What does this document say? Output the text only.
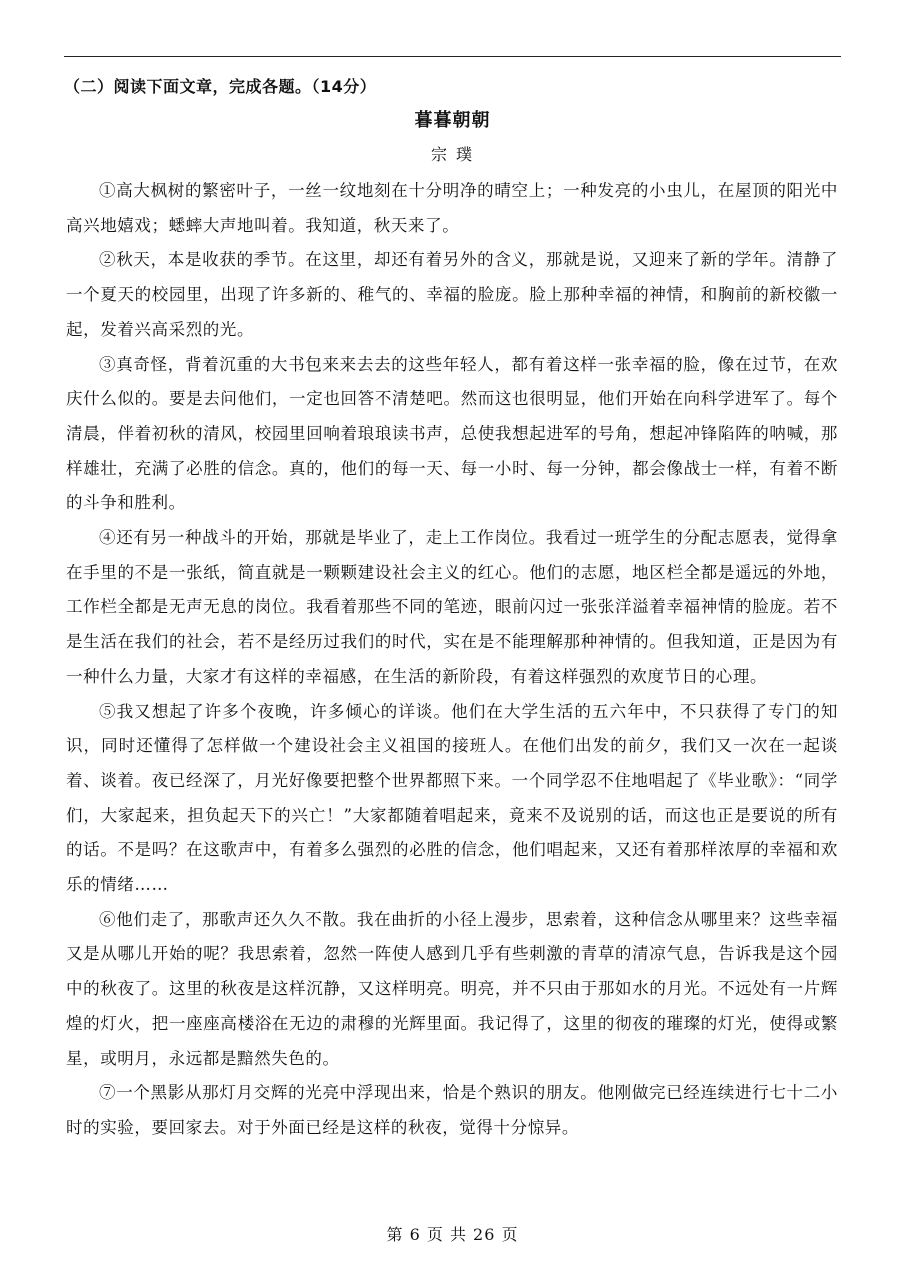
（二）阅读下面文章，完成各题。（14分）
暮暮朝朝
宗 璞

①高大枫树的繁密叶子，一丝一纹地刻在十分明净的晴空上；一种发亮的小虫儿，在屋顶的阳光中高兴地嬉戏；蟋蟀大声地叫着。我知道，秋天来了。

②秋天，本是收获的季节。在这里，却还有着另外的含义，那就是说，又迎来了新的学年。清静了一个夏天的校园里，出现了许多新的、稚气的、幸福的脸庞。脸上那种幸福的神情，和胸前的新校徽一起，发着兴高采烈的光。

③真奇怪，背着沉重的大书包来来去去的这些年轻人，都有着这样一张幸福的脸，像在过节，在欢庆什么似的。要是去问他们，一定也回答不清楚吧。然而这也很明显，他们开始在向科学进军了。每个清晨，伴着初秋的清风，校园里回响着琅琅读书声，总使我想起进军的号角，想起冲锋陷阵的呐喊，那样雄壮，充满了必胜的信念。真的，他们的每一天、每一小时、每一分钟，都会像战士一样，有着不断的斗争和胜利。

④还有另一种战斗的开始，那就是毕业了，走上工作岗位。我看过一班学生的分配志愿表，觉得拿在手里的不是一张纸，简直就是一颗颗建设社会主义的红心。他们的志愿，地区栏全都是遥远的外地，工作栏全都是无声无息的岗位。我看着那些不同的笔迹，眼前闪过一张张洋溢着幸福神情的脸庞。若不是生活在我们的社会，若不是经历过我们的时代，实在是不能理解那种神情的。但我知道，正是因为有一种什么力量，大家才有这样的幸福感，在生活的新阶段，有着这样强烈的欢度节日的心理。

⑤我又想起了许多个夜晚，许多倾心的详谈。他们在大学生活的五六年中，不只获得了专门的知识，同时还懂得了怎样做一个建设社会主义祖国的接班人。在他们出发的前夕，我们又一次在一起谈着、谈着。夜已经深了，月光好像要把整个世界都照下来。一个同学忍不住地唱起了《毕业歌》：“同学们，大家起来，担负起天下的兴亡！”大家都随着唱起来，竟来不及说别的话，而这也正是要说的所有的话。不是吗？在这歌声中，有着多么强烈的必胜的信念，他们唱起来，又还有着那样浓厚的幸福和欢乐的情绪……

⑥他们走了，那歌声还久久不散。我在曲折的小径上漫步，思索着，这种信念从哪里来？这些幸福又是从哪儿开始的呢？我思索着，忽然一阵使人感到几乎有些刺激的青草的清凉气息，告诉我是这个园中的秋夜了。这里的秋夜是这样沉静，又这样明亮。明亮，并不只由于那如水的月光。不远处有一片辉煌的灯火，把一座座高楼浴在无边的肃穆的光辉里面。我记得了，这里的彻夜的璀璨的灯光，使得或繁星，或明月，永远都是黯然失色的。

⑦一个黑影从那灯月交辉的光亮中浮现出来，恰是个熟识的朋友。他刚做完已经连续进行七十二小时的实验，要回家去。对于外面已经是这样的秋夜，觉得十分惊异。

第 6 页 共 26 页
